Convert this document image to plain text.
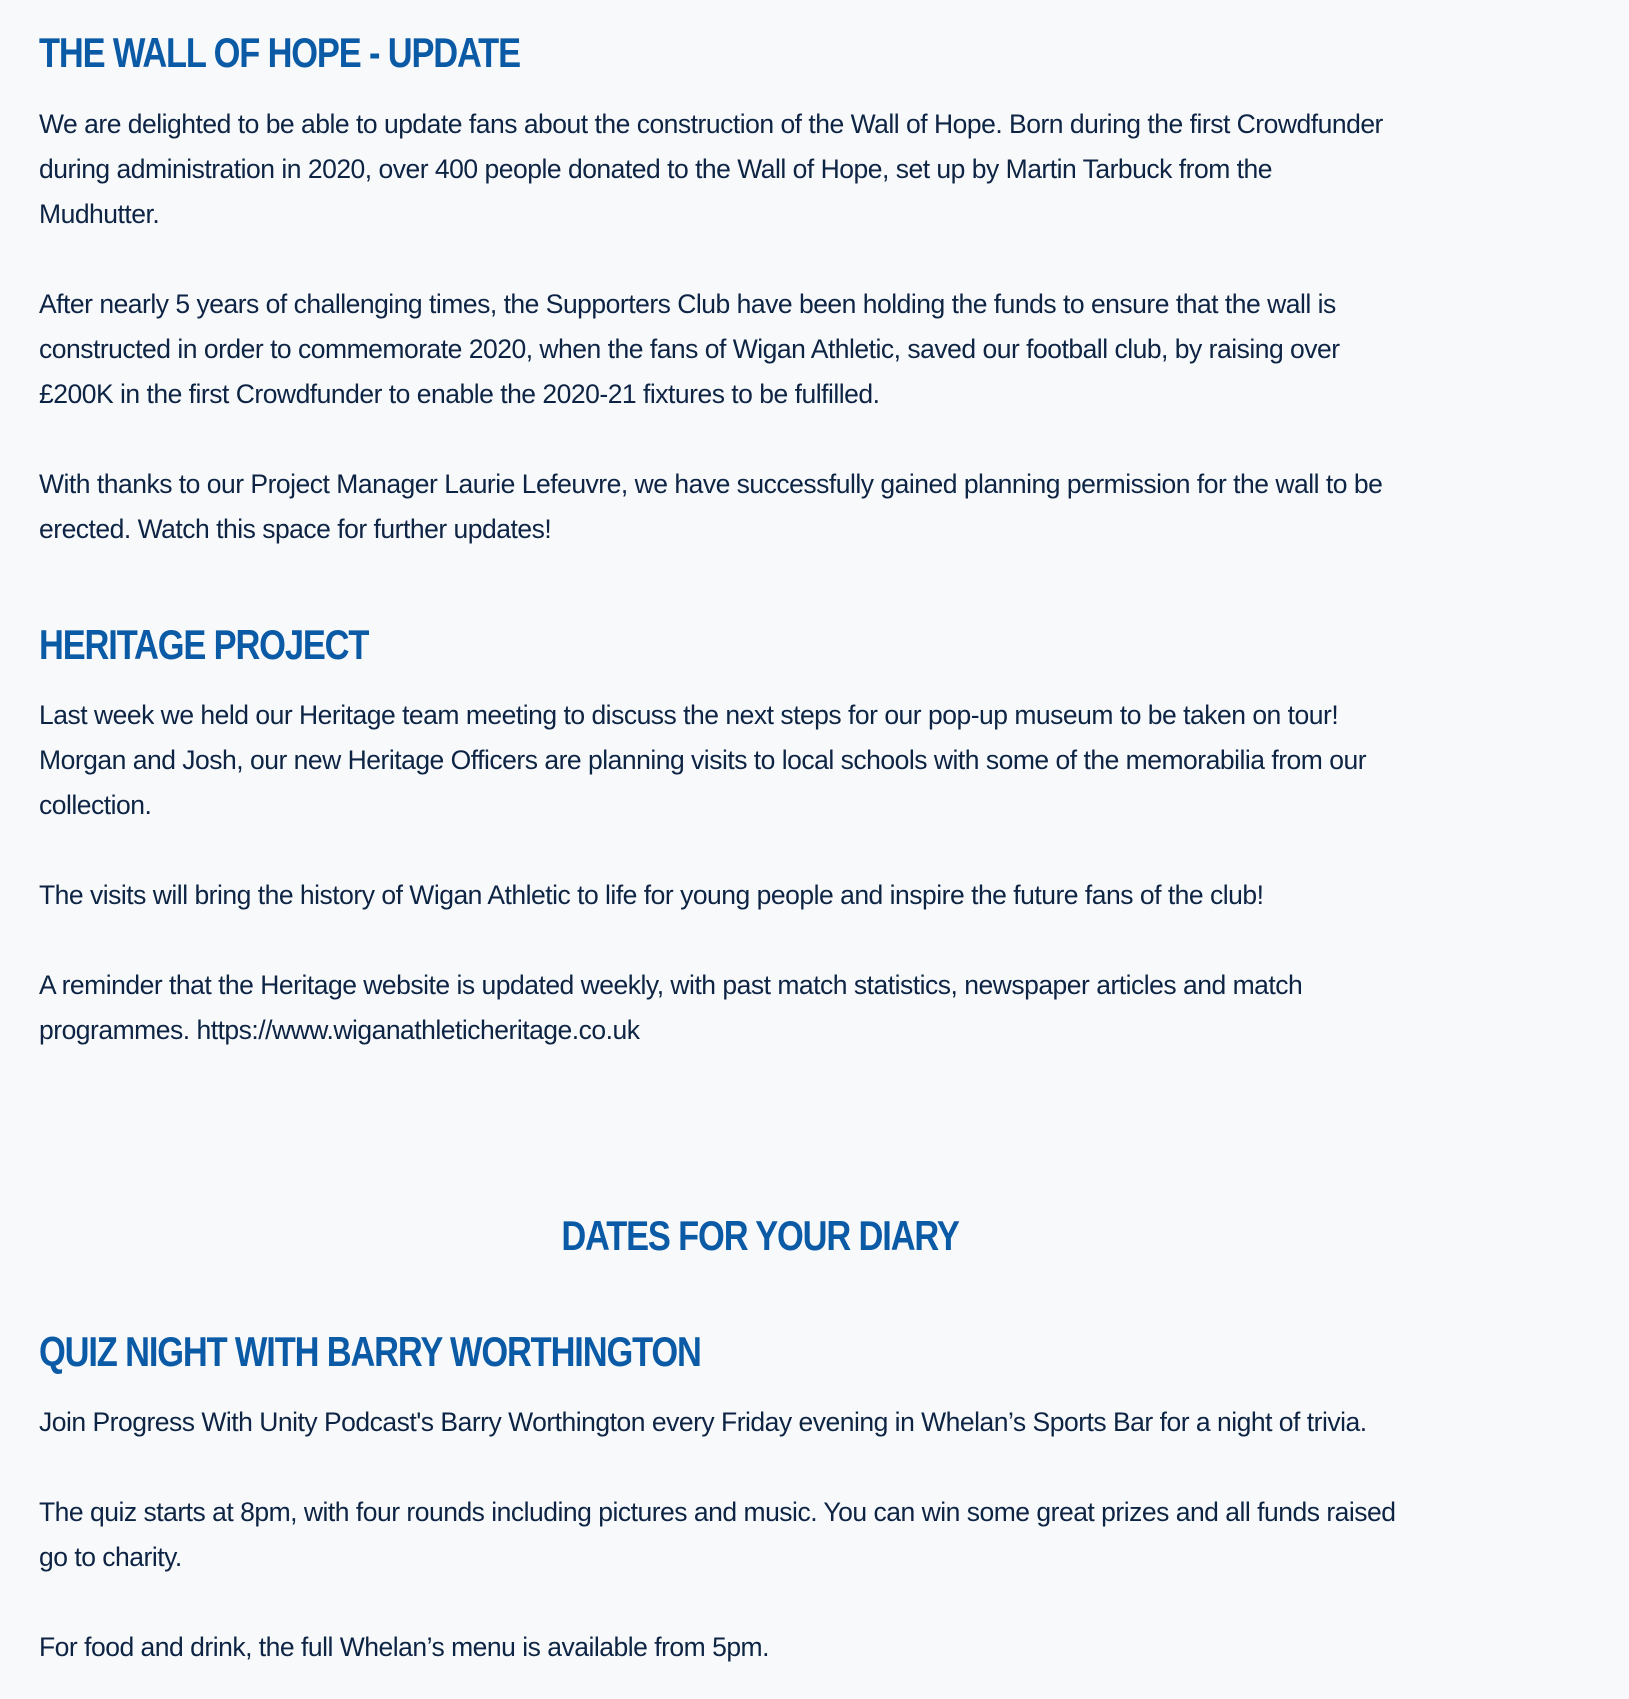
THE WALL OF HOPE - UPDATE

We are delighted to be able to update fans about the construction of the Wall of Hope. Born during the first Crowdfunder
during administration in 2020, over 400 people donated to the Wall of Hope, set up by Martin Tarbuck from the
Mudhutter.

After nearly 5 years of challenging times, the Supporters Club have been holding the funds to ensure that the wall is
constructed in order to commemorate 2020, when the fans of Wigan Athletic, saved our football club, by raising over
£200K in the first Crowdfunder to enable the 2020-21 fixtures to be fulfilled.

With thanks to our Project Manager Laurie Lefeuvre, we have successfully gained planning permission for the wall to be
erected. Watch this space for further updates!

HERITAGE PROJECT

Last week we held our Heritage team meeting to discuss the next steps for our pop-up museum to be taken on tour!
Morgan and Josh, our new Heritage Officers are planning visits to local schools with some of the memorabilia from our
collection.

The visits will bring the history of Wigan Athletic to life for young people and inspire the future fans of the club!

A reminder that the Heritage website is updated weekly, with past match statistics, newspaper articles and match
programmes. https://www.wiganathleticheritage.co.uk

DATES FOR YOUR DIARY
QUIZ NIGHT WITH BARRY WORTHINGTON

Join Progress With Unity Podcast's Barry Worthington every Friday evening in Whelan’s Sports Bar for a night of trivia.

The quiz starts at 8pm, with four rounds including pictures and music. You can win some great prizes and all funds raised
go to charity.

For food and drink, the full Whelan’s menu is available from 5pm.
